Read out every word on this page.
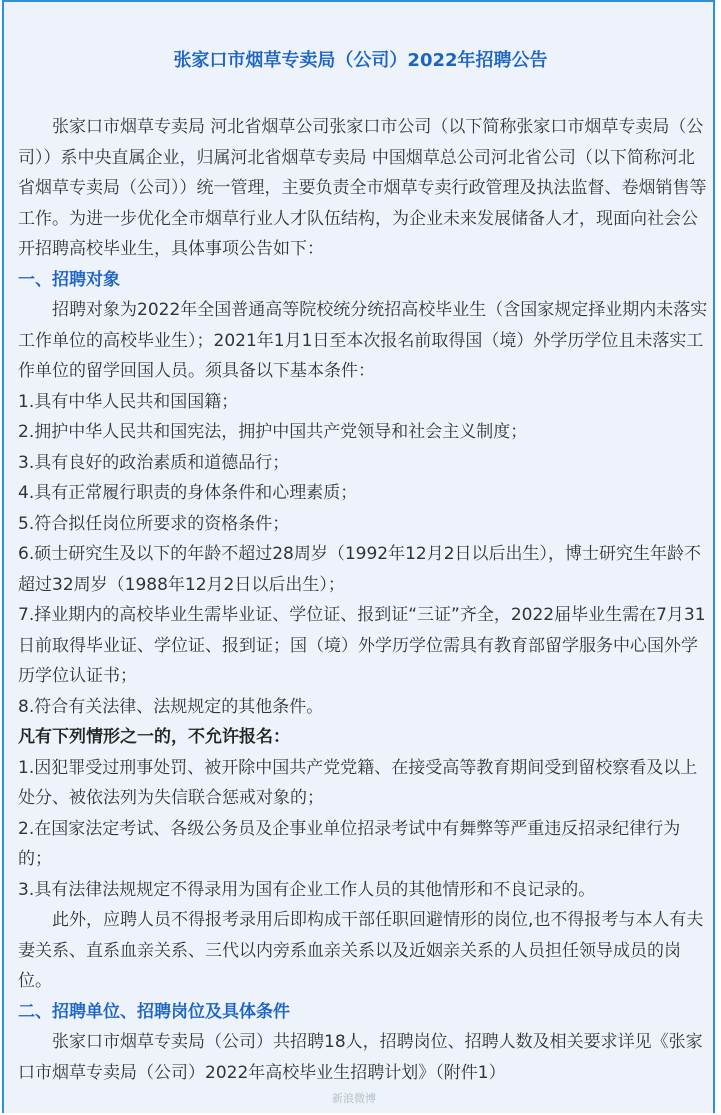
张家口市烟草专卖局（公司）2022年招聘公告

张家口市烟草专卖局 河北省烟草公司张家口市公司（以下简称张家口市烟草专卖局（公司））系中央直属企业，归属河北省烟草专卖局 中国烟草总公司河北省公司（以下简称河北省烟草专卖局（公司））统一管理，主要负责全市烟草专卖行政管理及执法监督、卷烟销售等工作。为进一步优化全市烟草行业人才队伍结构，为企业未来发展储备人才，现面向社会公开招聘高校毕业生，具体事项公告如下：

一、招聘对象

招聘对象为2022年全国普通高等院校统分统招高校毕业生（含国家规定择业期内未落实工作单位的高校毕业生）；2021年1月1日至本次报名前取得国（境）外学历学位且未落实工作单位的留学回国人员。须具备以下基本条件：

1.具有中华人民共和国国籍；

2.拥护中华人民共和国宪法，拥护中国共产党领导和社会主义制度；

3.具有良好的政治素质和道德品行；

4.具有正常履行职责的身体条件和心理素质；

5.符合拟任岗位所要求的资格条件；

6.硕士研究生及以下的年龄不超过28周岁（1992年12月2日以后出生），博士研究生年龄不超过32周岁（1988年12月2日以后出生）；

7.择业期内的高校毕业生需毕业证、学位证、报到证“三证”齐全，2022届毕业生需在7月31日前取得毕业证、学位证、报到证；国（境）外学历学位需具有教育部留学服务中心国外学历学位认证书；

8.符合有关法律、法规规定的其他条件。

凡有下列情形之一的，不允许报名：

1.因犯罪受过刑事处罚、被开除中国共产党党籍、在接受高等教育期间受到留校察看及以上处分、被依法列为失信联合惩戒对象的；

2.在国家法定考试、各级公务员及企事业单位招录考试中有舞弊等严重违反招录纪律行为的；

3.具有法律法规规定不得录用为国有企业工作人员的其他情形和不良记录的。

此外，应聘人员不得报考录用后即构成干部任职回避情形的岗位,也不得报考与本人有夫妻关系、直系血亲关系、三代以内旁系血亲关系以及近姻亲关系的人员担任领导成员的岗位。

二、招聘单位、招聘岗位及具体条件

张家口市烟草专卖局（公司）共招聘18人，招聘岗位、招聘人数及相关要求详见《张家口市烟草专卖局（公司）2022年高校毕业生招聘计划》（附件1）

新浪微博
